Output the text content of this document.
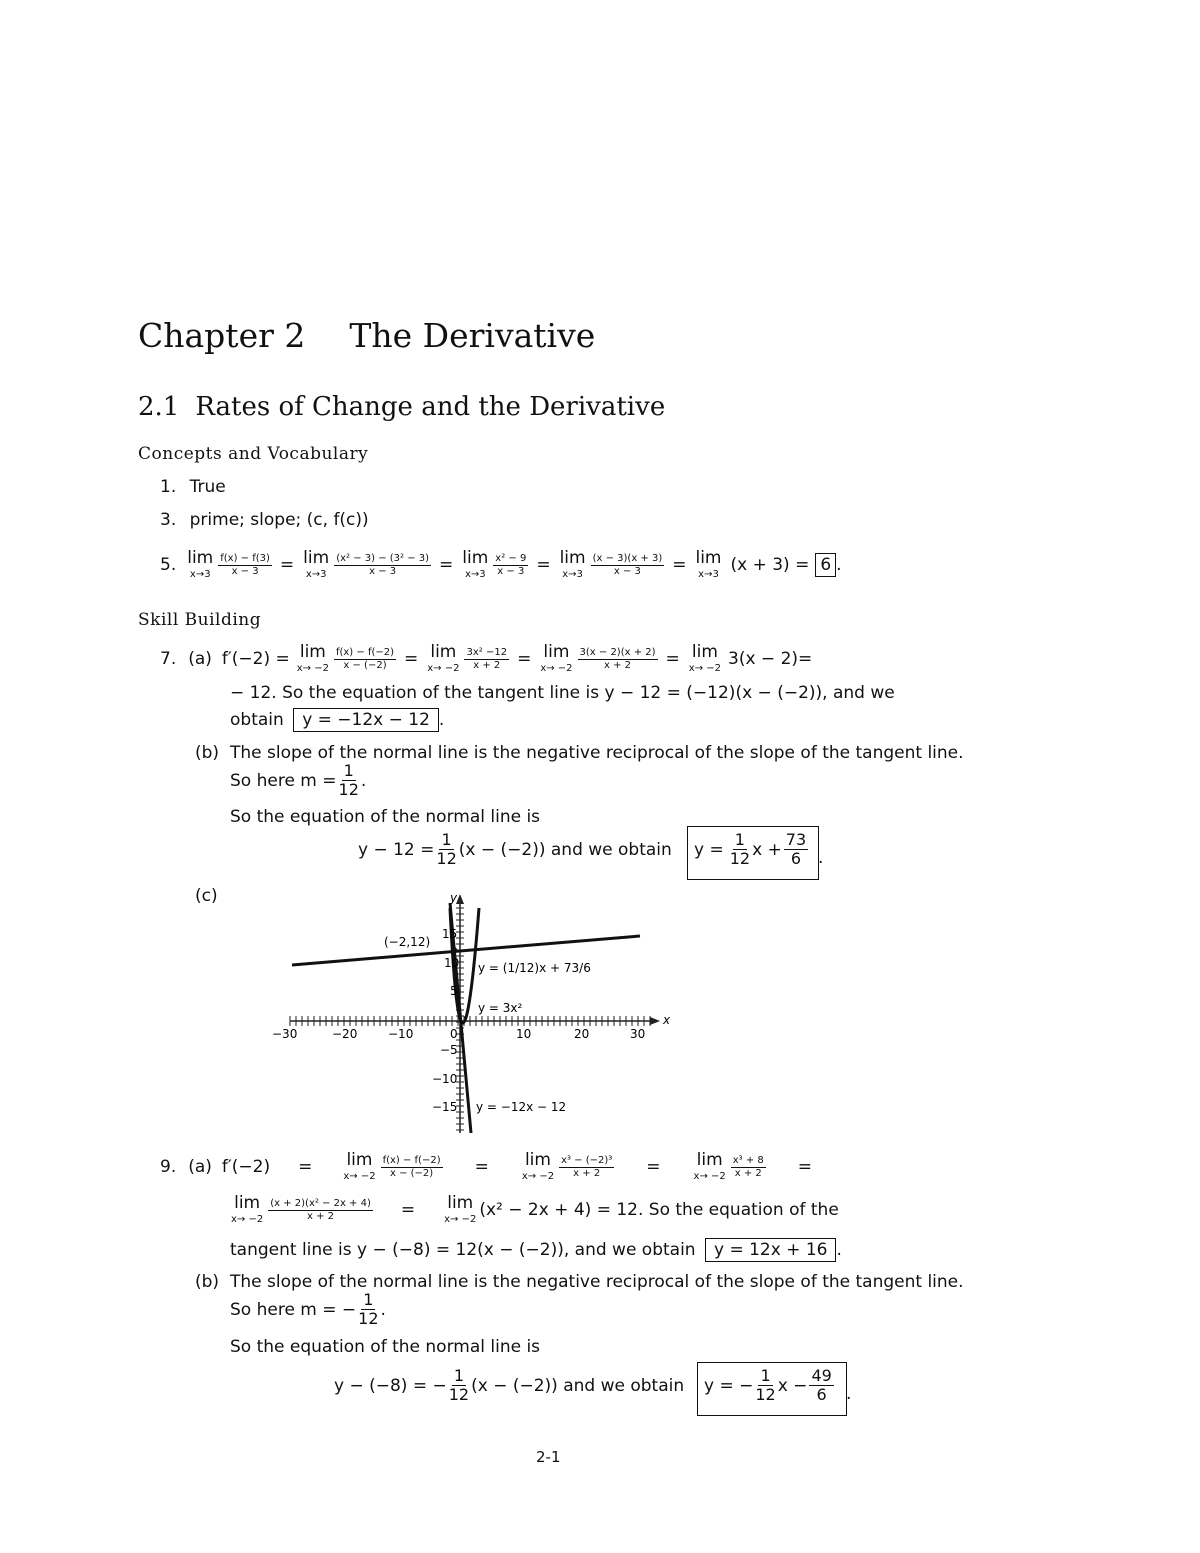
Chapter 2 The Derivative
2.1 Rates of Change and the Derivative
Concepts and Vocabulary
1. True
3. prime; slope; (c, f(c))
5. lim
$x\to 3 \frac{f(x) - f(3)}{x - 3} = \lim$
$x\to 3 \frac{\text{(x² − 3) − (3² − 3)}}{x - 3} = \lim$
$x\to 3 \frac{\text{x² − 9}}{x - 3} = \lim$
$x\to 3 \frac{(x - 3)(x + 3)}{x - 3} = \lim$
x→3 (x + 3) = 6 .
Skill Building
7. (a) f′(−2) = lim
$x\to -2 \frac{f(x) - f(-2)}{x - (-2)} = \lim$
$x\to -2 \frac{\text{3x² −12}}{x + 2} = \lim$
$x\to -2 \frac{3(x - 2)(x + 2)}{x + 2} = \lim$
x→ −2 3(x − 2)=
− 12. So the equation of the tangent line is y − 12 = (−12)(x − (−2)), and we
obtain y = −12x − 12 .
(b) The slope of the normal line is the negative reciprocal of the slope of the tangent line.
So here $m = \frac{1}{12}$ .
So the equation of the normal line is
$y - 12 = \frac{1}{12} (x - (-2))$ and we obtain $y = \frac{1}{12}$ $x + \frac{73}{6}$ .
(c)
x
y
(−2,12)
y = (1/12)x + 73/6
y = 3x²
y = −12x − 12
−30	−20	−10	0	10	20	30
15
10
5
−5
−10
−15
9. (a) f′(−2) = lim
$x\to -2 \frac{f(x) - f(-2)}{x - (-2)} = \lim$
$x\to -2 \frac{\text{x³ − (−2)³}}{x + 2} = \lim$
$x\to -2 \frac{\text{x³ + 8}}{x + 2}$ =
lim
$x\to -2 \frac{\text{(x + 2)(x² − 2x + 4)}}{x + 2} = \lim$
x→ −2 (x² − 2x + 4) = 12. So the equation of the
tangent line is y − (−8) = 12(x − (−2)), and we obtain y = 12x + 16 .
(b) The slope of the normal line is the negative reciprocal of the slope of the tangent line.
So here m = − $\frac{1}{12}$ .
So the equation of the normal line is
y − (−8) = − $\frac{1}{12} (x - (-2))$ and we obtain y = − $\frac{1}{12}$ $x - \frac{49}{6}$ .
2-1
